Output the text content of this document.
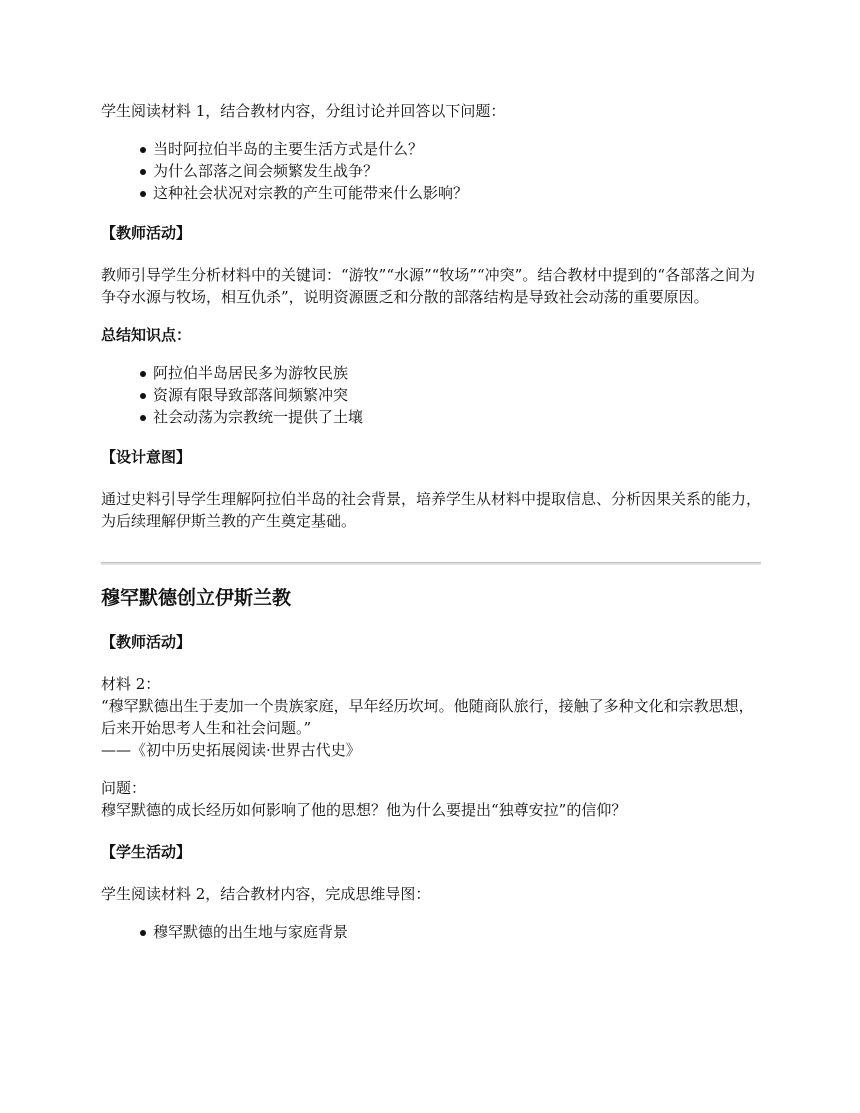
学生阅读材料 1，结合教材内容，分组讨论并回答以下问题：

当时阿拉伯半岛的主要生活方式是什么？
为什么部落之间会频繁发生战争？
这种社会状况对宗教的产生可能带来什么影响？

【教师活动】

教师引导学生分析材料中的关键词：“游牧”“水源”“牧场”“冲突”。结合教材中提到的“各部落之间为争夺水源与牧场，相互仇杀”，说明资源匮乏和分散的部落结构是导致社会动荡的重要原因。

总结知识点：

阿拉伯半岛居民多为游牧民族
资源有限导致部落间频繁冲突
社会动荡为宗教统一提供了土壤

【设计意图】

通过史料引导学生理解阿拉伯半岛的社会背景，培养学生从材料中提取信息、分析因果关系的能力，为后续理解伊斯兰教的产生奠定基础。

穆罕默德创立伊斯兰教

【教师活动】

材料 2：

“穆罕默德出生于麦加一个贵族家庭，早年经历坎坷。他随商队旅行，接触了多种文化和宗教思想，后来开始思考人生和社会问题。”

——《初中历史拓展阅读·世界古代史》

问题：

穆罕默德的成长经历如何影响了他的思想？他为什么要提出“独尊安拉”的信仰？

【学生活动】

学生阅读材料 2，结合教材内容，完成思维导图：

穆罕默德的出生地与家庭背景
